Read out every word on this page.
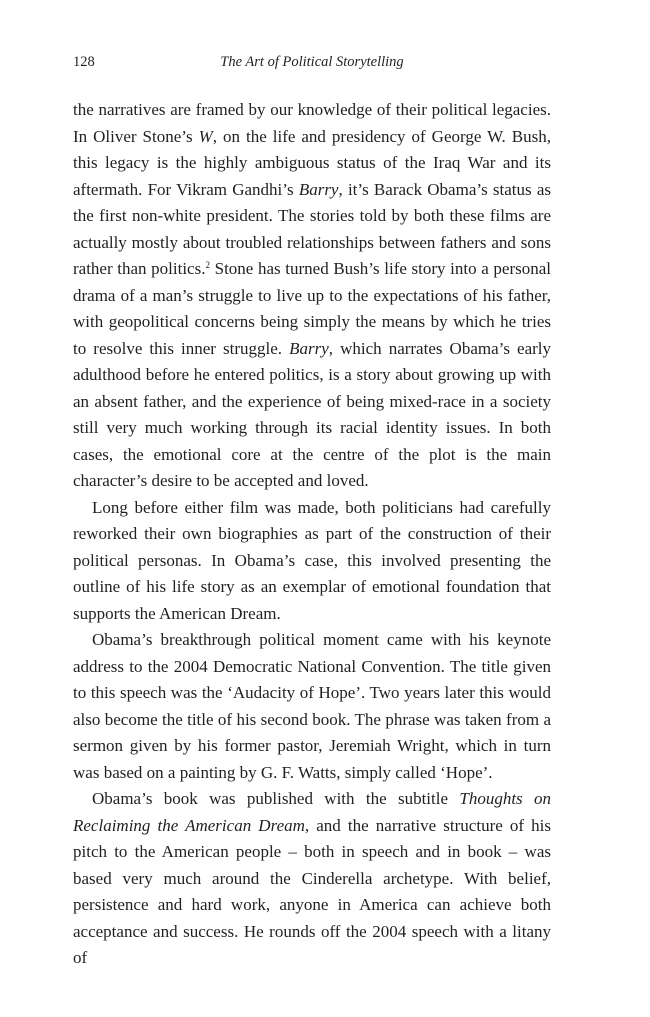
128	The Art of Political Storytelling

the narratives are framed by our knowledge of their political legacies. In Oliver Stone’s W, on the life and presidency of George W. Bush, this legacy is the highly ambiguous status of the Iraq War and its aftermath. For Vikram Gandhi’s Barry, it’s Barack Obama’s status as the first non-white president. The stories told by both these films are actually mostly about troubled relationships between fathers and sons rather than politics.$^2$ Stone has turned Bush’s life story into a personal drama of a man’s struggle to live up to the expectations of his father, with geopolitical concerns being simply the means by which he tries to resolve this inner struggle. Barry, which narrates Obama’s early adulthood before he entered politics, is a story about growing up with an absent father, and the experience of being mixed-race in a society still very much working through its racial identity issues. In both cases, the emotional core at the centre of the plot is the main character’s desire to be accepted and loved.

Long before either film was made, both politicians had carefully reworked their own biographies as part of the construction of their political personas. In Obama’s case, this involved presenting the outline of his life story as an exemplar of emotional foundation that supports the American Dream.

Obama’s breakthrough political moment came with his keynote address to the 2004 Democratic National Convention. The title given to this speech was the ‘Audacity of Hope’. Two years later this would also become the title of his second book. The phrase was taken from a sermon given by his former pastor, Jeremiah Wright, which in turn was based on a painting by G. F. Watts, simply called ‘Hope’.

Obama’s book was published with the subtitle Thoughts on Reclaiming the American Dream, and the narrative structure of his pitch to the American people – both in speech and in book – was based very much around the Cinderella archetype. With belief, persistence and hard work, anyone in America can achieve both acceptance and success. He rounds off the 2004 speech with a litany of
